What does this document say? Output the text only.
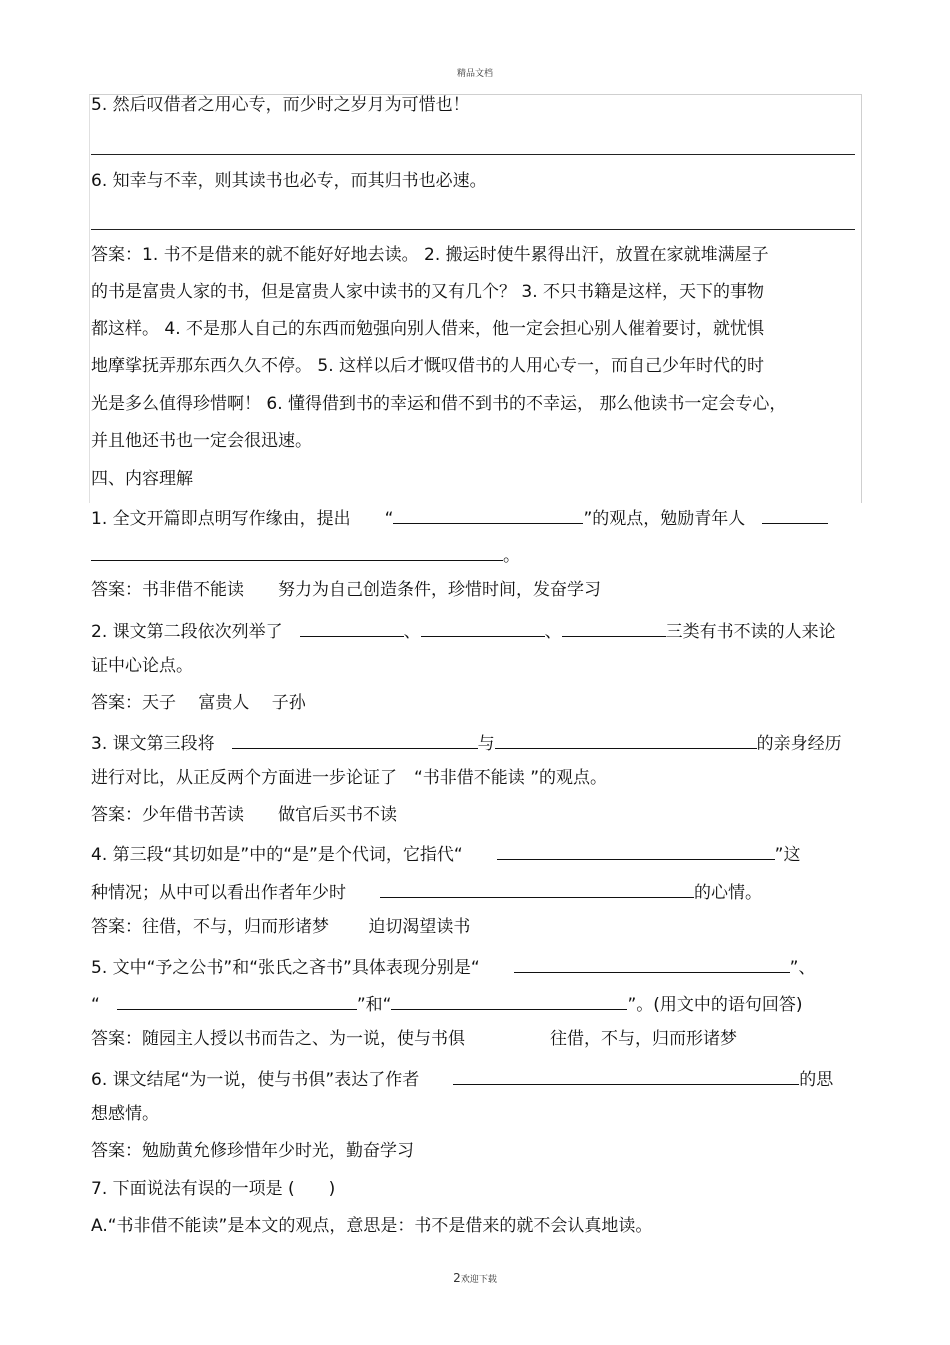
精品文档
5. 然后叹借者之用心专，而少时之岁月为可惜也！
6. 知幸与不幸，则其读书也必专，而其归书也必速。
答案：1. 书不是借来的就不能好好地去读。 2. 搬运时使牛累得出汗，放置在家就堆满屋子
的书是富贵人家的书，但是富贵人家中读书的又有几个？ 3. 不只书籍是这样，天下的事物
都这样。 4. 不是那人自己的东西而勉强向别人借来，他一定会担心别人催着要讨，就忧惧
地摩挲抚弄那东西久久不停。 5. 这样以后才慨叹借书的人用心专一，而自己少年时代的时
光是多么值得珍惜啊！ 6. 懂得借到书的幸运和借不到书的不幸运， 那么他读书一定会专心，
并且他还书也一定会很迅速。
四、内容理解
1. 全文开篇即点明写作缘由，提出　　 “	”的观点，勉励青年人　
。
答案：书非借不能读　　努力为自己创造条件，珍惜时间，发奋学习
2. 课文第二段依次列举了　	、	、	三类有书不读的人来论
证中心论点。
答案：天子　 富贵人　 子孙
3. 课文第三段将　	与	的亲身经历
进行对比，从正反两个方面进一步论证了　“书非借不能读 ”的观点。
答案：少年借书苦读　　做官后买书不读
4. 第三段“其切如是”中的“是”是个代词，它指代“　　	”这
种情况；从中可以看出作者年少时　　	的心情。
答案：往借，不与，归而形诸梦　　 迫切渴望读书
5. 文中“予之公书”和“张氏之吝书”具体表现分别是“　　	”、
“　	”和“	”。(用文中的语句回答)
答案：随园主人授以书而告之、为一说，使与书俱　　　　　	往借，不与，归而形诸梦
6. 课文结尾“为一说，使与书俱”表达了作者　　	的思
想感情。
答案：勉励黄允修珍惜年少时光，勤奋学习
7. 下面说法有误的一项是 (　　)
A.“书非借不能读”是本文的观点，意思是：书不是借来的就不会认真地读。
2欢迎下载
